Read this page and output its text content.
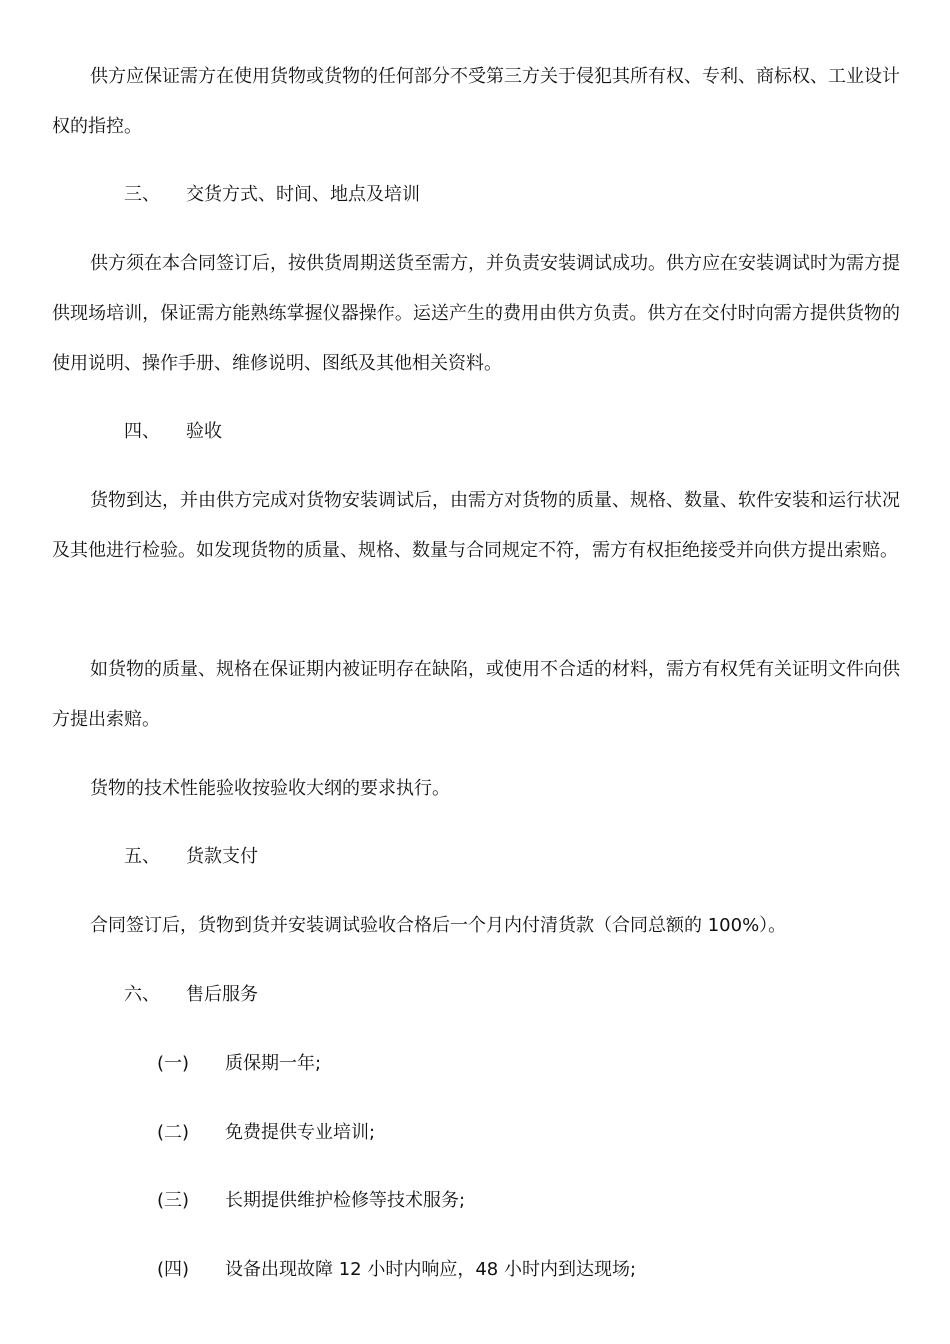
供方应保证需方在使用货物或货物的任何部分不受第三方关于侵犯其所有权、专利、商标权、工业设计权的指控。

三、 交货方式、时间、地点及培训

供方须在本合同签订后，按供货周期送货至需方，并负责安装调试成功。供方应在安装调试时为需方提供现场培训，保证需方能熟练掌握仪器操作。运送产生的费用由供方负责。供方在交付时向需方提供货物的使用说明、操作手册、维修说明、图纸及其他相关资料。

四、 验收

货物到达，并由供方完成对货物安装调试后，由需方对货物的质量、规格、数量、软件安装和运行状况及其他进行检验。如发现货物的质量、规格、数量与合同规定不符，需方有权拒绝接受并向供方提出索赔。

如货物的质量、规格在保证期内被证明存在缺陷，或使用不合适的材料，需方有权凭有关证明文件向供方提出索赔。

货物的技术性能验收按验收大纲的要求执行。

五、 货款支付

合同签订后，货物到货并安装调试验收合格后一个月内付清货款（合同总额的 100%）。

六、 售后服务
(一) 质保期一年;
(二) 免费提供专业培训;
(三) 长期提供维护检修等技术服务;
(四) 设备出现故障 12 小时内响应，48 小时内到达现场;
